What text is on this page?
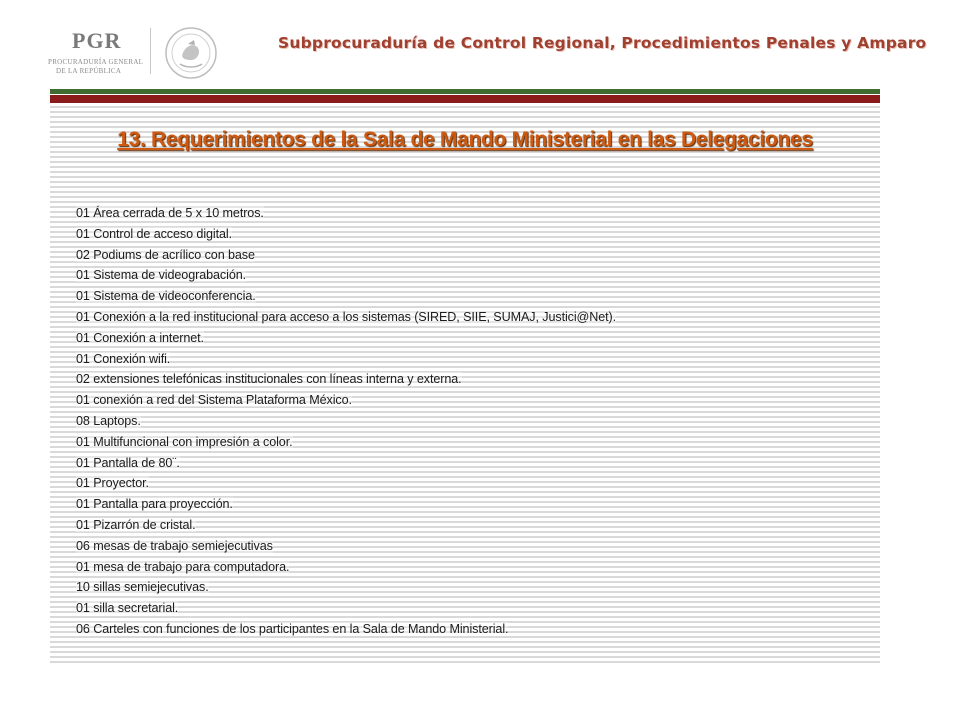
PGR
PROCURADURÍA GENERAL
DE LA REPÚBLICA
Subprocuraduría de Control Regional, Procedimientos Penales y Amparo
13. Requerimientos de la Sala de Mando Ministerial en las Delegaciones
01 Área cerrada de 5 x 10 metros.
01 Control de acceso digital.
02 Podiums de acrílico con base
01 Sistema de videograbación.
01 Sistema de videoconferencia.
01 Conexión a la red institucional para acceso a los sistemas (SIRED, SIIE, SUMAJ, Justici@Net).
01 Conexión a internet.
01 Conexión wifi.
02 extensiones telefónicas institucionales con líneas interna y externa.
01 conexión a red del Sistema Plataforma México.
08 Laptops.
01 Multifuncional con impresión a color.
01 Pantalla de 80¨.
01 Proyector.
01 Pantalla para proyección.
01 Pizarrón de cristal.
06 mesas de trabajo semiejecutivas
01 mesa de trabajo para computadora.
10 sillas semiejecutivas.
01 silla secretarial.
06 Carteles con funciones de los participantes en la Sala de Mando Ministerial.
